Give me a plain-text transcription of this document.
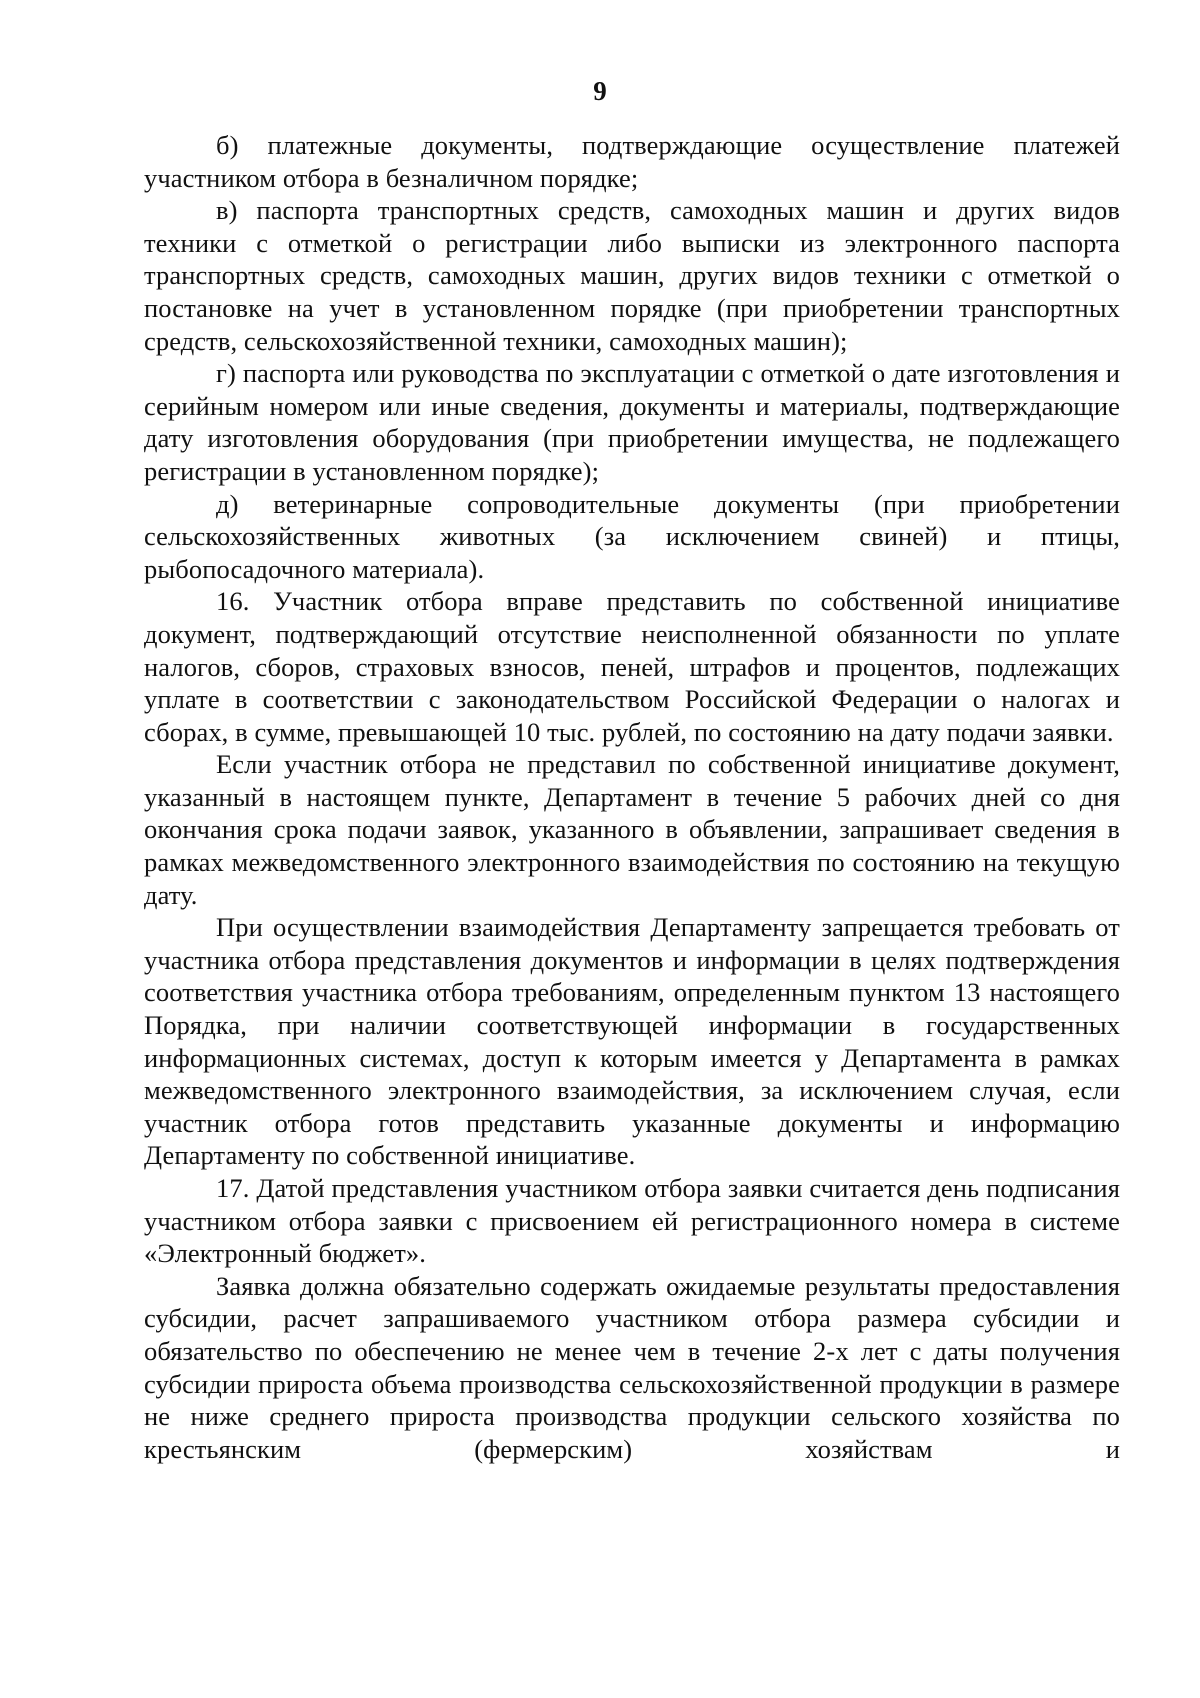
9

б) платежные документы, подтверждающие осуществление платежей участником отбора в безналичном порядке;

в) паспорта транспортных средств, самоходных машин и других видов техники с отметкой о регистрации либо выписки из электронного паспорта транспортных средств, самоходных машин, других видов техники с отметкой о постановке на учет в установленном порядке (при приобретении транспортных средств, сельскохозяйственной техники, самоходных машин);

г) паспорта или руководства по эксплуатации с отметкой о дате изготовления и серийным номером или иные сведения, документы и материалы, подтверждающие дату изготовления оборудования (при приобретении имущества, не подлежащего регистрации в установленном порядке);

д) ветеринарные сопроводительные документы (при приобретении сельскохозяйственных животных (за исключением свиней) и птицы, рыбопосадочного материала).

16. Участник отбора вправе представить по собственной инициативе документ, подтверждающий отсутствие неисполненной обязанности по уплате налогов, сборов, страховых взносов, пеней, штрафов и процентов, подлежащих уплате в соответствии с законодательством Российской Федерации о налогах и сборах, в сумме, превышающей 10 тыс. рублей, по состоянию на дату подачи заявки.

Если участник отбора не представил по собственной инициативе документ, указанный в настоящем пункте, Департамент в течение 5 рабочих дней со дня окончания срока подачи заявок, указанного в объявлении, запрашивает сведения в рамках межведомственного электронного взаимодействия по состоянию на текущую дату.

При осуществлении взаимодействия Департаменту запрещается требовать от участника отбора представления документов и информации в целях подтверждения соответствия участника отбора требованиям, определенным пунктом 13 настоящего Порядка, при наличии соответствующей информации в государственных информационных системах, доступ к которым имеется у Департамента в рамках межведомственного электронного взаимодействия, за исключением случая, если участник отбора готов представить указанные документы и информацию Департаменту по собственной инициативе.

17. Датой представления участником отбора заявки считается день подписания участником отбора заявки с присвоением ей регистрационного номера в системе «Электронный бюджет».

Заявка должна обязательно содержать ожидаемые результаты предоставления субсидии, расчет запрашиваемого участником отбора размера субсидии и обязательство по обеспечению не менее чем в течение 2-х лет с даты получения субсидии прироста объема производства сельскохозяйственной продукции в размере не ниже среднего прироста производства продукции сельского хозяйства по крестьянским (фермерским) хозяйствам и
